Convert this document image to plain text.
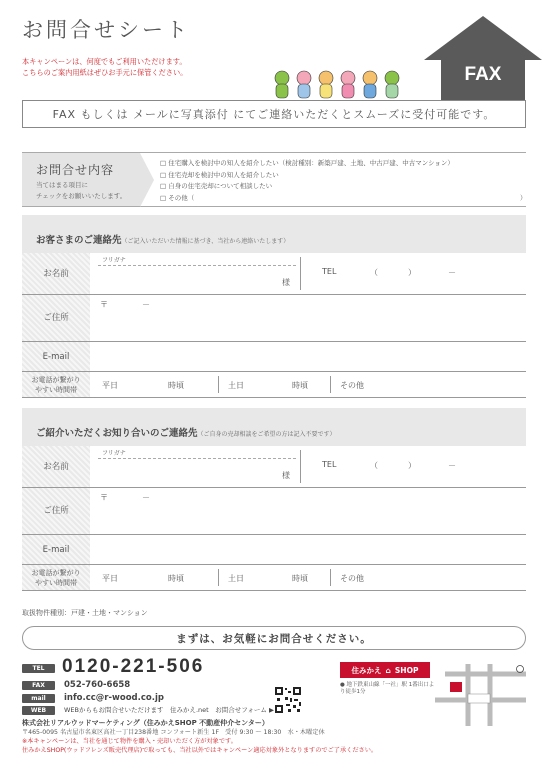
お問合せシート
本キャンペーンは、何度でもご利用いただけます。
こちらのご案内用紙はぜひお手元に保管ください。	FAX
FAX もしくは メールに写真添付 にてご連絡いただくとスムーズに受付可能です。
お問合せ内容
当てはまる項目に
チェックをお願いいたします。
□ 住宅購入を検討中の知人を紹介したい（検討種別：新築戸建、土地、中古戸建、中古マンション）
□ 住宅売却を検討中の知人を紹介したい
□ 自身の住宅売却について相談したい
□ その他（	）
お客さまのご連絡先（ご記入いただいた情報に基づき、当社から連絡いたします）
お名前
フリガナ
様
TEL	（	）	－
ご住所
〒	－
E-mail
お電話が繋がり
やすい時間帯	平日	時頃	土日	時頃	その他
ご紹介いただくお知り合いのご連絡先（ご自身の売却相談をご希望の方は記入不要です）
お名前
フリガナ
様
TEL	（	）	－
ご住所
〒	－
E-mail
お電話が繋がり
やすい時間帯	平日	時頃	土日	時頃	その他
取扱物件種別：戸建・土地・マンション
まずは、お気軽にお問合せください。
TEL 0120-221-506
FAX	052-760-6658
mail	info.cc@r-wood.co.jp
WEB	WEBからもお問合せいただけます　住みかえ.net　お問合せフォーム ▶
住みかえ ⌂ SHOP
● 地下鉄東山線「一社」駅 1番出口より徒歩1分
株式会社リアルウッドマーケティング（住みかえSHOP 不動産仲介センター）
〒465-0095 名古屋市名東区高社一丁目238番地 コンフォート新生 1F　受付 9:30 ～ 18:30　水・木曜定休
※本キャンペーンは、当社を通じて物件を購入・売却いただく方が対象です。
住みかえSHOP(ウッドフレンズ販売代理店)で取っても、当社以外ではキャンペーン適応対象外となりますのでご了承ください。
